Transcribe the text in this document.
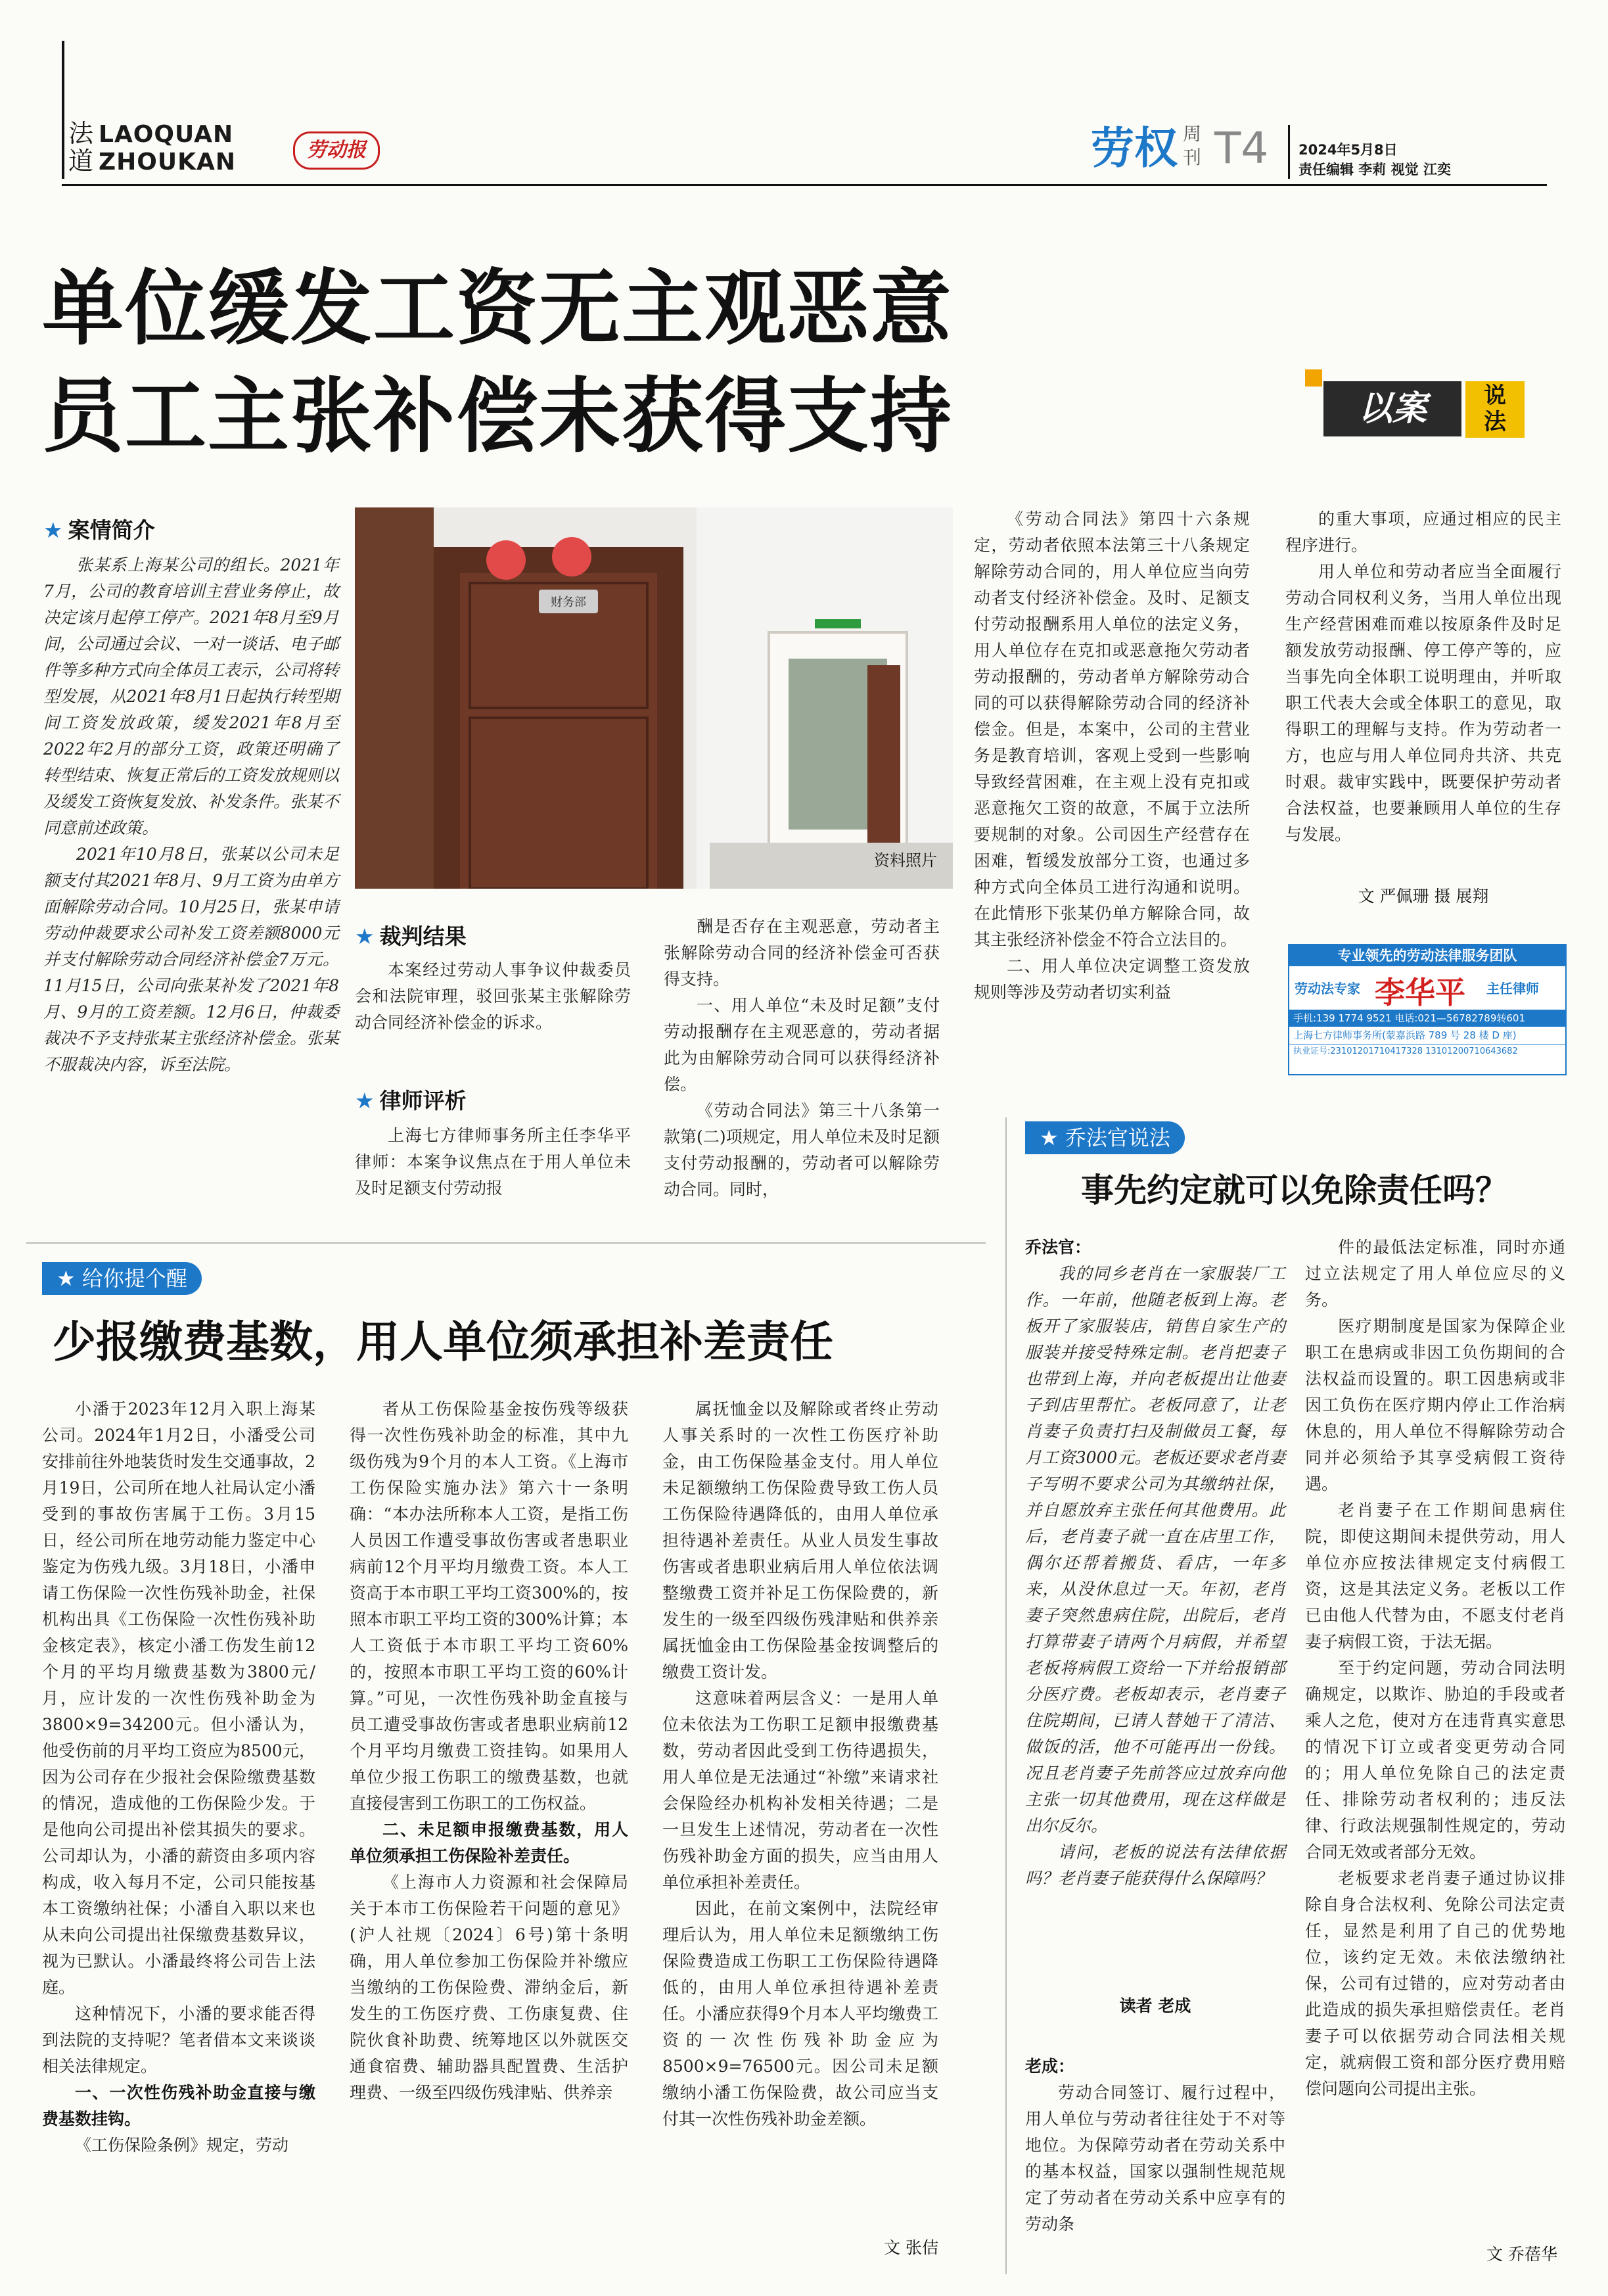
法
道
LAOQUAN
ZHOUKAN	劳动报	劳权 周
刊 T4 2024年5月8日
责任编辑 李莉 视觉 江奕
单位缓发工资无主观恶意
员工主张补偿未获得支持	以案	说
法
★ 案情简介

张某系上海某公司的组长。2021年7月，公司的教育培训主营业务停止，故决定该月起停工停产。2021年8月至9月间，公司通过会议、一对一谈话、电子邮件等多种方式向全体员工表示，公司将转型发展，从2021年8月1日起执行转型期间工资发放政策，缓发2021年8月至2022年2月的部分工资，政策还明确了转型结束、恢复正常后的工资发放规则以及缓发工资恢复发放、补发条件。张某不同意前述政策。

2021年10月8日，张某以公司未足额支付其2021年8月、9月工资为由单方面解除劳动合同。10月25日，张某申请劳动仲裁要求公司补发工资差额8000元并支付解除劳动合同经济补偿金7万元。11月15日，公司向张某补发了2021年8月、9月的工资差额。12月6日，仲裁委裁决不予支持张某主张经济补偿金。张某不服裁决内容，诉至法院。

财务部
资料照片
★ 裁判结果

本案经过劳动人事争议仲裁委员会和法院审理，驳回张某主张解除劳动合同经济补偿金的诉求。

★ 律师评析

上海七方律师事务所主任李华平律师：本案争议焦点在于用人单位未及时足额支付劳动报

酬是否存在主观恶意，劳动者主张解除劳动合同的经济补偿金可否获得支持。

一、用人单位“未及时足额”支付劳动报酬存在主观恶意的，劳动者据此为由解除劳动合同可以获得经济补偿。

《劳动合同法》第三十八条第一款第(二)项规定，用人单位未及时足额支付劳动报酬的，劳动者可以解除劳动合同。同时，

《劳动合同法》第四十六条规定，劳动者依照本法第三十八条规定解除劳动合同的，用人单位应当向劳动者支付经济补偿金。及时、足额支付劳动报酬系用人单位的法定义务，用人单位存在克扣或恶意拖欠劳动者劳动报酬的，劳动者单方解除劳动合同的可以获得解除劳动合同的经济补偿金。但是，本案中，公司的主营业务是教育培训，客观上受到一些影响导致经营困难，在主观上没有克扣或恶意拖欠工资的故意，不属于立法所要规制的对象。公司因生产经营存在困难，暂缓发放部分工资，也通过多种方式向全体员工进行沟通和说明。在此情形下张某仍单方解除合同，故其主张经济补偿金不符合立法目的。

二、用人单位决定调整工资发放规则等涉及劳动者切实利益

的重大事项，应通过相应的民主程序进行。

用人单位和劳动者应当全面履行劳动合同权利义务，当用人单位出现生产经营困难而难以按原条件及时足额发放劳动报酬、停工停产等的，应当事先向全体职工说明理由，并听取职工代表大会或全体职工的意见，取得职工的理解与支持。作为劳动者一方，也应与用人单位同舟共济、共克时艰。裁审实践中，既要保护劳动者合法权益，也要兼顾用人单位的生存与发展。

文 严佩珊 摄 展翔
专业领先的劳动法律服务团队
劳动法专家 李华平 主任律师
手机:139 1774 9521 电话:021—56782789转601
上海七方律师事务所(蒙嘉浜路 789 号 28 楼 D 座)
执业证号:23101201710417328 13101200710643682
★ 给你提个醒
少报缴费基数，用人单位须承担补差责任

小潘于2023年12月入职上海某公司。2024年1月2日，小潘受公司安排前往外地装货时发生交通事故，2月19日，公司所在地人社局认定小潘受到的事故伤害属于工伤。3月15日，经公司所在地劳动能力鉴定中心鉴定为伤残九级。3月18日，小潘申请工伤保险一次性伤残补助金，社保机构出具《工伤保险一次性伤残补助金核定表》，核定小潘工伤发生前12个月的平均月缴费基数为3800元/月，应计发的一次性伤残补助金为3800×9=34200元。但小潘认为，他受伤前的月平均工资应为8500元，因为公司存在少报社会保险缴费基数的情况，造成他的工伤保险少发。于是他向公司提出补偿其损失的要求。公司却认为，小潘的薪资由多项内容构成，收入每月不定，公司只能按基本工资缴纳社保；小潘自入职以来也从未向公司提出社保缴费基数异议，视为已默认。小潘最终将公司告上法庭。

这种情况下，小潘的要求能否得到法院的支持呢？笔者借本文来谈谈相关法律规定。

一、一次性伤残补助金直接与缴费基数挂钩。

《工伤保险条例》规定，劳动

者从工伤保险基金按伤残等级获得一次性伤残补助金的标准，其中九级伤残为9个月的本人工资。《上海市工伤保险实施办法》第六十一条明确：“本办法所称本人工资，是指工伤人员因工作遭受事故伤害或者患职业病前12个月平均月缴费工资。本人工资高于本市职工平均工资300%的，按照本市职工平均工资的300%计算；本人工资低于本市职工平均工资60%的，按照本市职工平均工资的60%计算。”可见，一次性伤残补助金直接与员工遭受事故伤害或者患职业病前12个月平均月缴费工资挂钩。如果用人单位少报工伤职工的缴费基数，也就直接侵害到工伤职工的工伤权益。

二、未足额申报缴费基数，用人单位须承担工伤保险补差责任。

《上海市人力资源和社会保障局关于本市工伤保险若干问题的意见》(沪人社规〔2024〕6号)第十条明确，用人单位参加工伤保险并补缴应当缴纳的工伤保险费、滞纳金后，新发生的工伤医疗费、工伤康复费、住院伙食补助费、统筹地区以外就医交通食宿费、辅助器具配置费、生活护理费、一级至四级伤残津贴、供养亲

属抚恤金以及解除或者终止劳动人事关系时的一次性工伤医疗补助金，由工伤保险基金支付。用人单位未足额缴纳工伤保险费导致工伤人员工伤保险待遇降低的，由用人单位承担待遇补差责任。从业人员发生事故伤害或者患职业病后用人单位依法调整缴费工资并补足工伤保险费的，新发生的一级至四级伤残津贴和供养亲属抚恤金由工伤保险基金按调整后的缴费工资计发。

这意味着两层含义：一是用人单位未依法为工伤职工足额申报缴费基数，劳动者因此受到工伤待遇损失，用人单位是无法通过“补缴”来请求社会保险经办机构补发相关待遇；二是一旦发生上述情况，劳动者在一次性伤残补助金方面的损失，应当由用人单位承担补差责任。

因此，在前文案例中，法院经审理后认为，用人单位未足额缴纳工伤保险费造成工伤职工工伤保险待遇降低的，由用人单位承担待遇补差责任。小潘应获得9个月本人平均缴费工资的一次性伤残补助金应为8500×9=76500元。因公司未足额缴纳小潘工伤保险费，故公司应当支付其一次性伤残补助金差额。

文 张佶
★ 乔法官说法
事先约定就可以免除责任吗？
乔法官：

我的同乡老肖在一家服装厂工作。一年前，他随老板到上海。老板开了家服装店，销售自家生产的服装并接受特殊定制。老肖把妻子也带到上海，并向老板提出让他妻子到店里帮忙。老板同意了，让老肖妻子负责打扫及制做员工餐，每月工资3000元。老板还要求老肖妻子写明不要求公司为其缴纳社保，并自愿放弃主张任何其他费用。此后，老肖妻子就一直在店里工作，偶尔还帮着搬货、看店，一年多来，从没休息过一天。年初，老肖妻子突然患病住院，出院后，老肖打算带妻子请两个月病假，并希望老板将病假工资给一下并给报销部分医疗费。老板却表示，老肖妻子住院期间，已请人替她干了清洁、做饭的活，他不可能再出一份钱。况且老肖妻子先前答应过放弃向他主张一切其他费用，现在这样做是出尔反尔。

请问，老板的说法有法律依据吗？老肖妻子能获得什么保障吗？

读者 老成
老成：

劳动合同签订、履行过程中，用人单位与劳动者往往处于不对等地位。为保障劳动者在劳动关系中的基本权益，国家以强制性规范规定了劳动者在劳动关系中应享有的劳动条

件的最低法定标准，同时亦通过立法规定了用人单位应尽的义务。

医疗期制度是国家为保障企业职工在患病或非因工负伤期间的合法权益而设置的。职工因患病或非因工负伤在医疗期内停止工作治病休息的，用人单位不得解除劳动合同并必须给予其享受病假工资待遇。

老肖妻子在工作期间患病住院，即使这期间未提供劳动，用人单位亦应按法律规定支付病假工资，这是其法定义务。老板以工作已由他人代替为由，不愿支付老肖妻子病假工资，于法无据。

至于约定问题，劳动合同法明确规定，以欺诈、胁迫的手段或者乘人之危，使对方在违背真实意思的情况下订立或者变更劳动合同的；用人单位免除自己的法定责任、排除劳动者权利的；违反法律、行政法规强制性规定的，劳动合同无效或者部分无效。

老板要求老肖妻子通过协议排除自身合法权利、免除公司法定责任，显然是利用了自己的优势地位，该约定无效。未依法缴纳社保，公司有过错的，应对劳动者由此造成的损失承担赔偿责任。老肖妻子可以依据劳动合同法相关规定，就病假工资和部分医疗费用赔偿问题向公司提出主张。

文 乔蓓华
